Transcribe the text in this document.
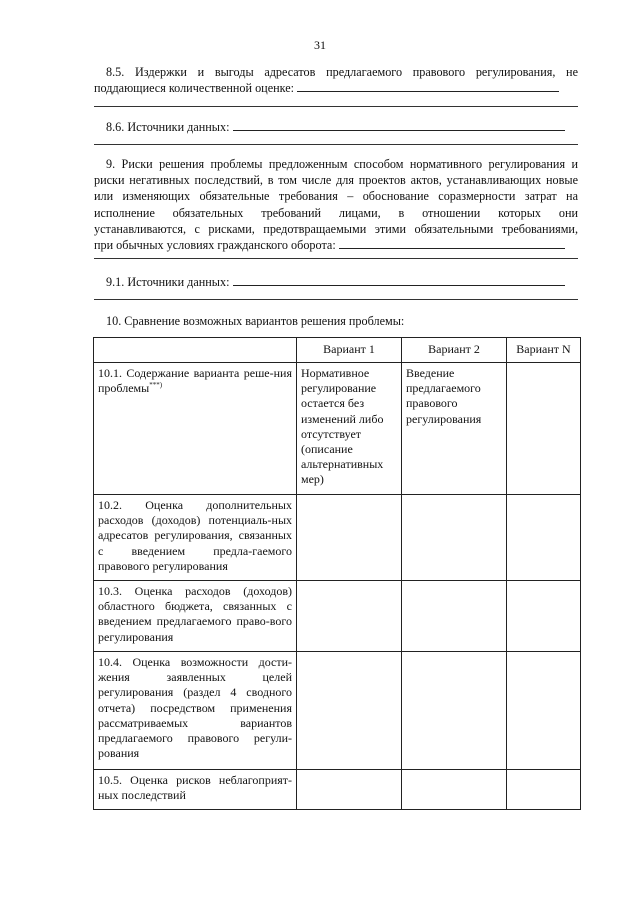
31
8.5. Издержки и выгоды адресатов предлагаемого правового регулирования, не
поддающиеся количественной оценке:
8.6. Источники данных:
9. Риски решения проблемы предложенным способом нормативного регулирования и
риски негативных последствий, в том числе для проектов актов, устанавливающих новые
или изменяющих обязательные требования – обоснование соразмерности затрат на
исполнение обязательных требований лицами, в отношении которых они
устанавливаются, с рисками, предотвращаемыми этими обязательными требованиями,
при обычных условиях гражданского оборота:
9.1. Источники данных:
10. Сравнение возможных вариантов решения проблемы:
	Вариант 1	Вариант 2	Вариант N
10.1. Содержание варианта реше-ния проблемы***)	Нормативное регулирование остается без изменений либо отсутствует (описание альтернативных мер)	Введение предлагаемого правового регулирования	
10.2. Оценка дополнительных расходов (доходов) потенциаль-ных адресатов регулирования, связанных с введением предла-гаемого правового регулирования			
10.3. Оценка расходов (доходов) областного бюджета, связанных с введением предлагаемого право-вого регулирования			
10.4. Оценка возможности дости-жения заявленных целей регулирования (раздел 4 сводного отчета) посредством применения рассматриваемых вариантов предлагаемого правового регули-рования			
10.5. Оценка рисков неблагоприят-ных последствий			
